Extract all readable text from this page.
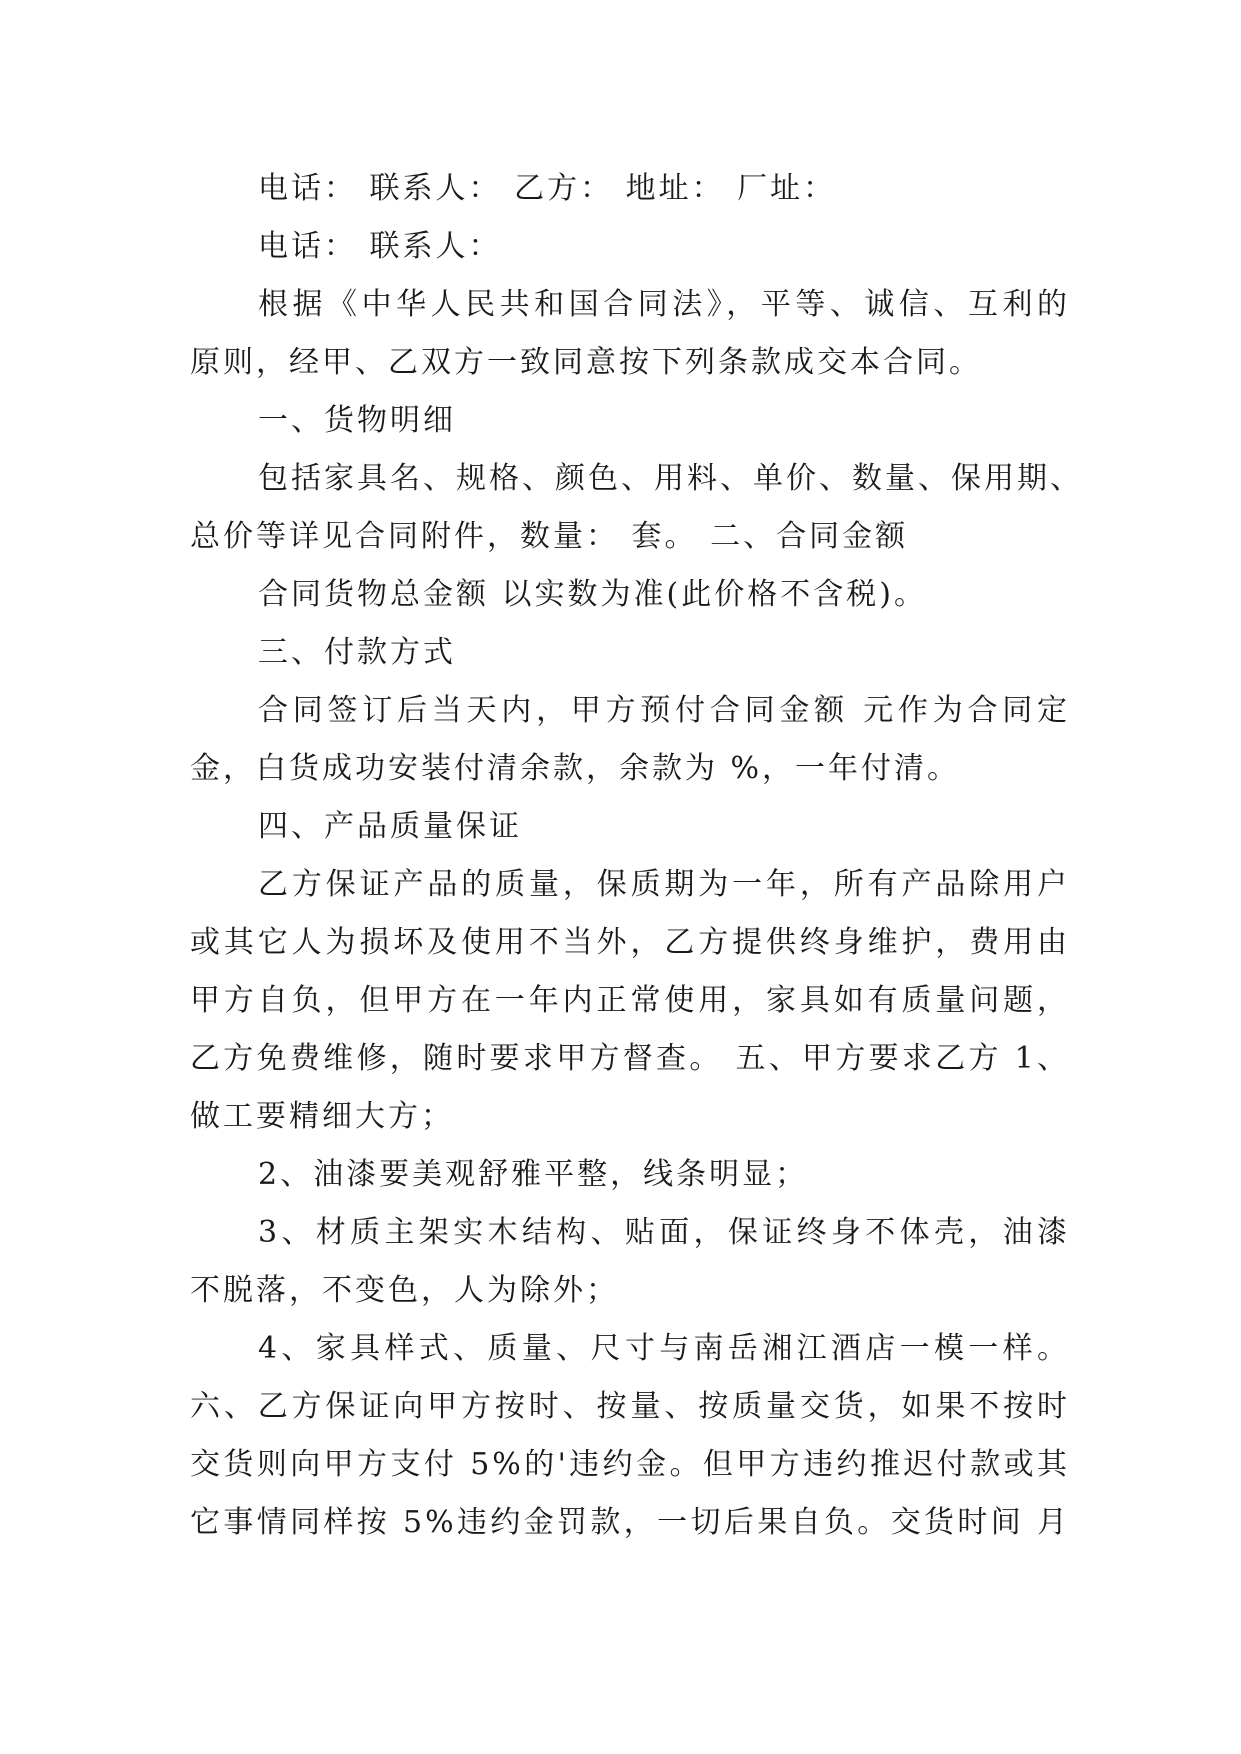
电话： 联系人： 乙方： 地址： 厂址：
电话： 联系人：
根据《中华人民共和国合同法》，平等、诚信、互利的
原则，经甲、乙双方一致同意按下列条款成交本合同。
一、货物明细
包括家具名、规格、颜色、用料、单价、数量、保用期、
总价等详见合同附件，数量： 套。 二、合同金额
合同货物总金额 以实数为准(此价格不含税)。
三、付款方式
合同签订后当天内，甲方预付合同金额 元作为合同定
金，白货成功安装付清余款，余款为 %，一年付清。
四、产品质量保证
乙方保证产品的质量，保质期为一年，所有产品除用户
或其它人为损坏及使用不当外，乙方提供终身维护，费用由
甲方自负，但甲方在一年内正常使用，家具如有质量问题，
乙方免费维修，随时要求甲方督查。 五、甲方要求乙方 1、
做工要精细大方；
2、油漆要美观舒雅平整，线条明显；
3、材质主架实木结构、贴面，保证终身不体壳，油漆
不脱落，不变色，人为除外；
4、家具样式、质量、尺寸与南岳湘江酒店一模一样。
六、乙方保证向甲方按时、按量、按质量交货，如果不按时
交货则向甲方支付 5%的'违约金。但甲方违约推迟付款或其
它事情同样按 5%违约金罚款，一切后果自负。交货时间 月
